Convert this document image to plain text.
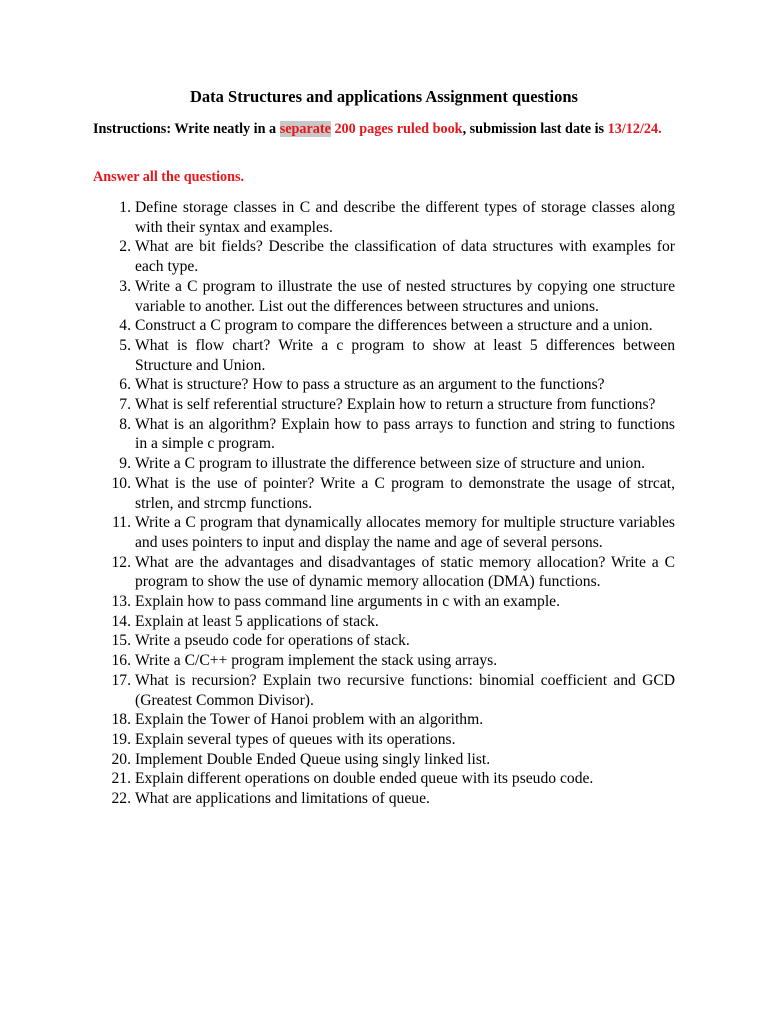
Data Structures and applications Assignment questions
Instructions: Write neatly in a separate 200 pages ruled book, submission last date is 13/12/24.
Answer all the questions.
1. Define storage classes in C and describe the different types of storage classes along with their syntax and examples.
2. What are bit fields? Describe the classification of data structures with examples for each type.
3. Write a C program to illustrate the use of nested structures by copying one structure variable to another. List out the differences between structures and unions.
4. Construct a C program to compare the differences between a structure and a union.
5. What is flow chart? Write a c program to show at least 5 differences between Structure and Union.
6. What is structure? How to pass a structure as an argument to the functions?
7. What is self referential structure? Explain how to return a structure from functions?
8. What is an algorithm? Explain how to pass arrays to function and string to functions in a simple c program.
9. Write a C program to illustrate the difference between size of structure and union.
10. What is the use of pointer? Write a C program to demonstrate the usage of strcat, strlen, and strcmp functions.
11. Write a C program that dynamically allocates memory for multiple structure variables and uses pointers to input and display the name and age of several persons.
12. What are the advantages and disadvantages of static memory allocation? Write a C program to show the use of dynamic memory allocation (DMA) functions.
13. Explain how to pass command line arguments in c with an example.
14. Explain at least 5 applications of stack.
15. Write a pseudo code for operations of stack.
16. Write a C/C++ program implement the stack using arrays.
17. What is recursion? Explain two recursive functions: binomial coefficient and GCD (Greatest Common Divisor).
18. Explain the Tower of Hanoi problem with an algorithm.
19. Explain several types of queues with its operations.
20. Implement Double Ended Queue using singly linked list.
21. Explain different operations on double ended queue with its pseudo code.
22. What are applications and limitations of queue.
